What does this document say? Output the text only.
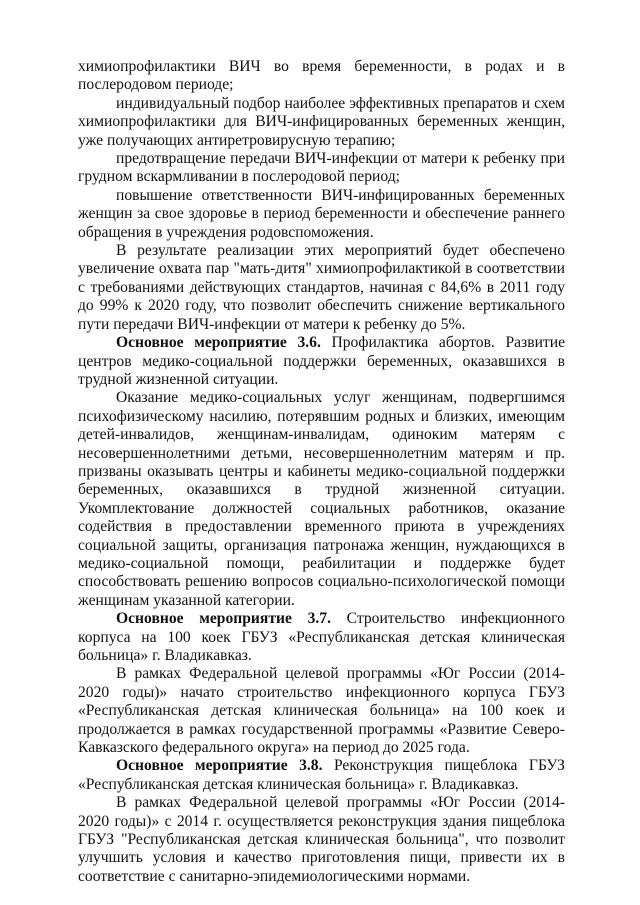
химиопрофилактики ВИЧ во время беременности, в родах и в послеродовом периоде;

индивидуальный подбор наиболее эффективных препаратов и схем химиопрофилактики для ВИЧ-инфицированных беременных женщин, уже получающих антиретровирусную терапию;

предотвращение передачи ВИЧ-инфекции от матери к ребенку при грудном вскармливании в послеродовой период;

повышение ответственности ВИЧ-инфицированных беременных женщин за свое здоровье в период беременности и обеспечение раннего обращения в учреждения родовспоможения.

В результате реализации этих мероприятий будет обеспечено увеличение охвата пар "мать-дитя" химиопрофилактикой в соответствии с требованиями действующих стандартов, начиная с 84,6% в 2011 году до 99% к 2020 году, что позволит обеспечить снижение вертикального пути передачи ВИЧ-инфекции от матери к ребенку до 5%.

Основное мероприятие 3.6. Профилактика абортов. Развитие центров медико-социальной поддержки беременных, оказавшихся в трудной жизненной ситуации.

Оказание медико-социальных услуг женщинам, подвергшимся психофизическому насилию, потерявшим родных и близких, имеющим детей-инвалидов, женщинам-инвалидам, одиноким матерям с несовершеннолетними детьми, несовершеннолетним матерям и пр. призваны оказывать центры и кабинеты медико-социальной поддержки беременных, оказавшихся в трудной жизненной ситуации. Укомплектование должностей социальных работников, оказание содействия в предоставлении временного приюта в учреждениях социальной защиты, организация патронажа женщин, нуждающихся в медико-социальной помощи, реабилитации и поддержке будет способствовать решению вопросов социально-психологической помощи женщинам указанной категории.

Основное мероприятие 3.7. Строительство инфекционного корпуса на 100 коек ГБУЗ «Республиканская детская клиническая больница» г. Владикавказ.

В рамках Федеральной целевой программы «Юг России (2014-2020 годы)» начато строительство инфекционного корпуса ГБУЗ «Республиканская детская клиническая больница» на 100 коек и продолжается в рамках государственной программы «Развитие Северо-Кавказского федерального округа» на период до 2025 года.

Основное мероприятие 3.8. Реконструкция пищеблока ГБУЗ «Республиканская детская клиническая больница» г. Владикавказ.

В рамках Федеральной целевой программы «Юг России (2014-2020 годы)» с 2014 г. осуществляется реконструкция здания пищеблока ГБУЗ "Республиканская детская клиническая больница", что позволит улучшить условия и качество приготовления пищи, привести их в соответствие с санитарно-эпидемиологическими нормами.
